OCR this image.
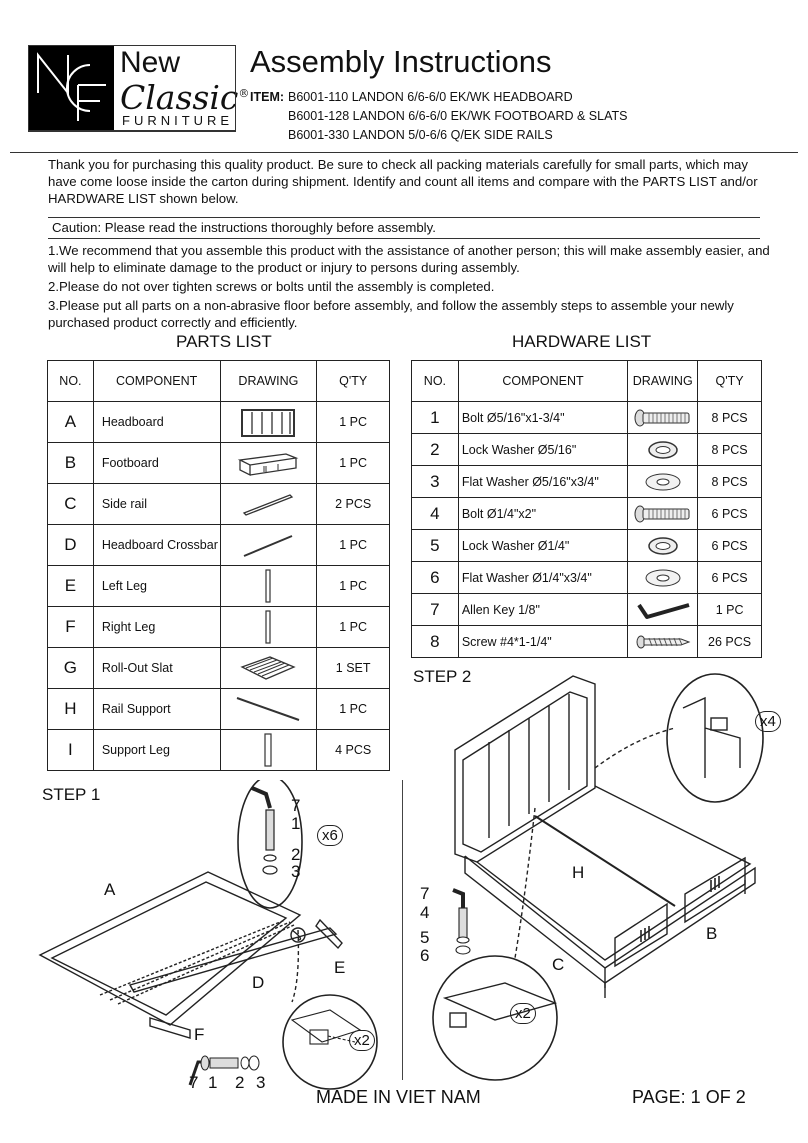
New
Classic®
FURNITURE
Assembly Instructions
ITEM: B6001-110 LANDON 6/6-6/0 EK/WK HEADBOARD
B6001-128 LANDON 6/6-6/0 EK/WK FOOTBOARD & SLATS
B6001-330 LANDON 5/0-6/6 Q/EK SIDE RAILS
Thank you for purchasing this quality product. Be sure to check all packing materials carefully for small parts, which may have come loose inside the carton during shipment. Identify and count all items and compare with the PARTS LIST and/or HARDWARE LIST shown below.
Caution: Please read the instructions thoroughly before assembly.

1.We recommend that you assemble this product with the assistance of another person; this will make assembly easier, and will help to eliminate damage to the product or injury to persons during assembly.

2.Please do not over tighten screws or bolts until the assembly is completed.

3.Please put all parts on a non-abrasive floor before assembly, and follow the assembly steps to assemble your newly purchased product correctly and efficiently.

PARTS LIST
NO.	COMPONENT	DRAWING	Q'TY
A	Headboard		1 PC
B	Footboard		1 PC
C	Side rail		2 PCS
D	Headboard Crossbar		1 PC
E	Left Leg		1 PC
F	Right Leg		1 PC
G	Roll-Out Slat		1 SET
H	Rail Support		1 PC
I	Support Leg		4 PCS
HARDWARE LIST
NO.	COMPONENT	DRAWING	Q'TY
1	Bolt Ø5/16"x1-3/4"		8 PCS
2	Lock Washer Ø5/16"		8 PCS
3	Flat Washer Ø5/16"x3/4"		8 PCS
4	Bolt Ø1/4"x2"		6 PCS
5	Lock Washer Ø1/4"		6 PCS
6	Flat Washer Ø1/4"x3/4"		6 PCS
7	Allen Key 1/8"		1 PC
8	Screw #4*1-1/4"		26 PCS
STEP 1
A
D
E
F
7
1
2
3
7 1 2 3
x6
x2
STEP 2
H
B
C
7
4
5
6
x4
x2
MADE IN VIET NAM	PAGE: 1 OF 2
